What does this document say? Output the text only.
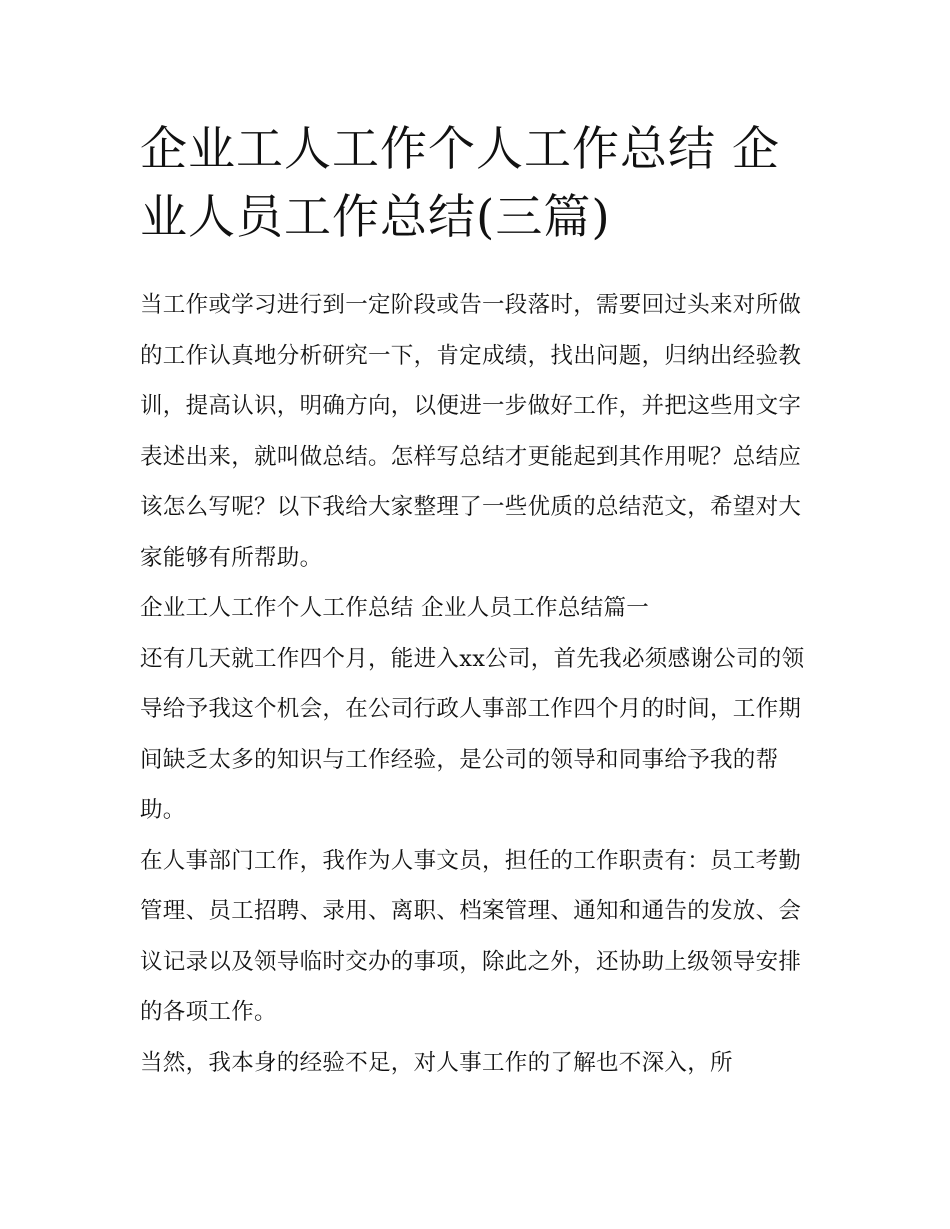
企业工人工作个人工作总结 企业人员工作总结(三篇)

当工作或学习进行到一定阶段或告一段落时，需要回过头来对所做的工作认真地分析研究一下，肯定成绩，找出问题，归纳出经验教训，提高认识，明确方向，以便进一步做好工作，并把这些用文字表述出来，就叫做总结。怎样写总结才更能起到其作用呢？总结应该怎么写呢？以下我给大家整理了一些优质的总结范文，希望对大家能够有所帮助。

企业工人工作个人工作总结 企业人员工作总结篇一

还有几天就工作四个月，能进入xx公司，首先我必须感谢公司的领导给予我这个机会，在公司行政人事部工作四个月的时间，工作期间缺乏太多的知识与工作经验，是公司的领导和同事给予我的帮助。

在人事部门工作，我作为人事文员，担任的工作职责有：员工考勤管理、员工招聘、录用、离职、档案管理、通知和通告的发放、会议记录以及领导临时交办的事项，除此之外，还协助上级领导安排的各项工作。

当然，我本身的经验不足，对人事工作的了解也不深入，所
